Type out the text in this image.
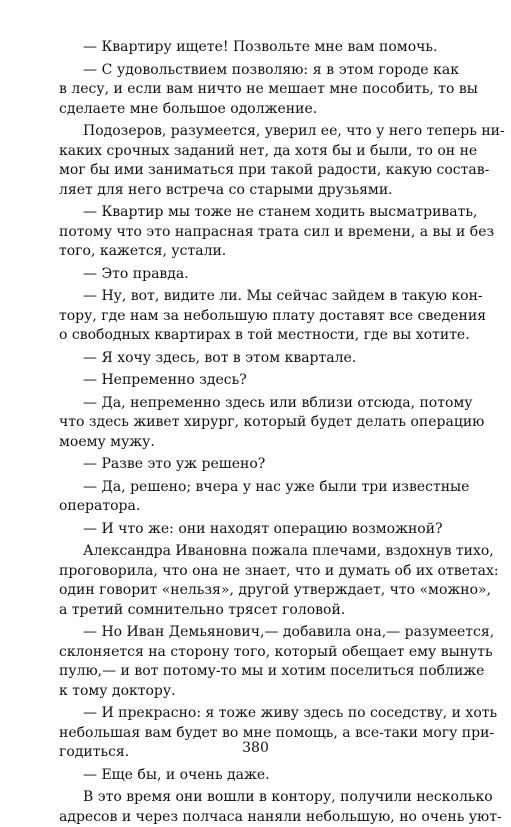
— Квартиру ищете! Позвольте мне вам помочь.
— С удовольствием позволяю: я в этом городе как
в лесу, и если вам ничто не мешает мне пособить, то вы
сделаете мне большое одолжение.
Подозеров, разумеется, уверил ее, что у него теперь ни-
каких срочных заданий нет, да хотя бы и были, то он не
мог бы ими заниматься при такой радости, какую состав-
ляет для него встреча со старыми друзьями.
— Квартир мы тоже не станем ходить высматривать,
потому что это напрасная трата сил и времени, а вы и без
того, кажется, устали.
— Это правда.
— Ну, вот, видите ли. Мы сейчас зайдем в такую кон-
тору, где нам за небольшую плату доставят все сведения
о свободных квартирах в той местности, где вы хотите.
— Я хочу здесь, вот в этом квартале.
— Непременно здесь?
— Да, непременно здесь или вблизи отсюда, потому
что здесь живет хирург, который будет делать операцию
моему мужу.
— Разве это уж решено?
— Да, решено; вчера у нас уже были три известные
оператора.
— И что же: они находят операцию возможной?
Александра Ивановна пожала плечами, вздохнув тихо,
проговорила, что она не знает, что и думать об их ответах:
один говорит «нельзя», другой утверждает, что «можно»,
а третий сомнительно трясет головой.
— Но Иван Демьянович,— добавила она,— разумеется,
склоняется на сторону того, который обещает ему вынуть
пулю,— и вот потому-то мы и хотим поселиться поближе
к тому доктору.
— И прекрасно: я тоже живу здесь по соседству, и хоть
небольшая вам будет во мне помощь, а все-таки могу при-
годиться.
— Еще бы, и очень даже.
В это время они вошли в контору, получили несколько
адресов и через полчаса наняли небольшую, но очень уют-
380
